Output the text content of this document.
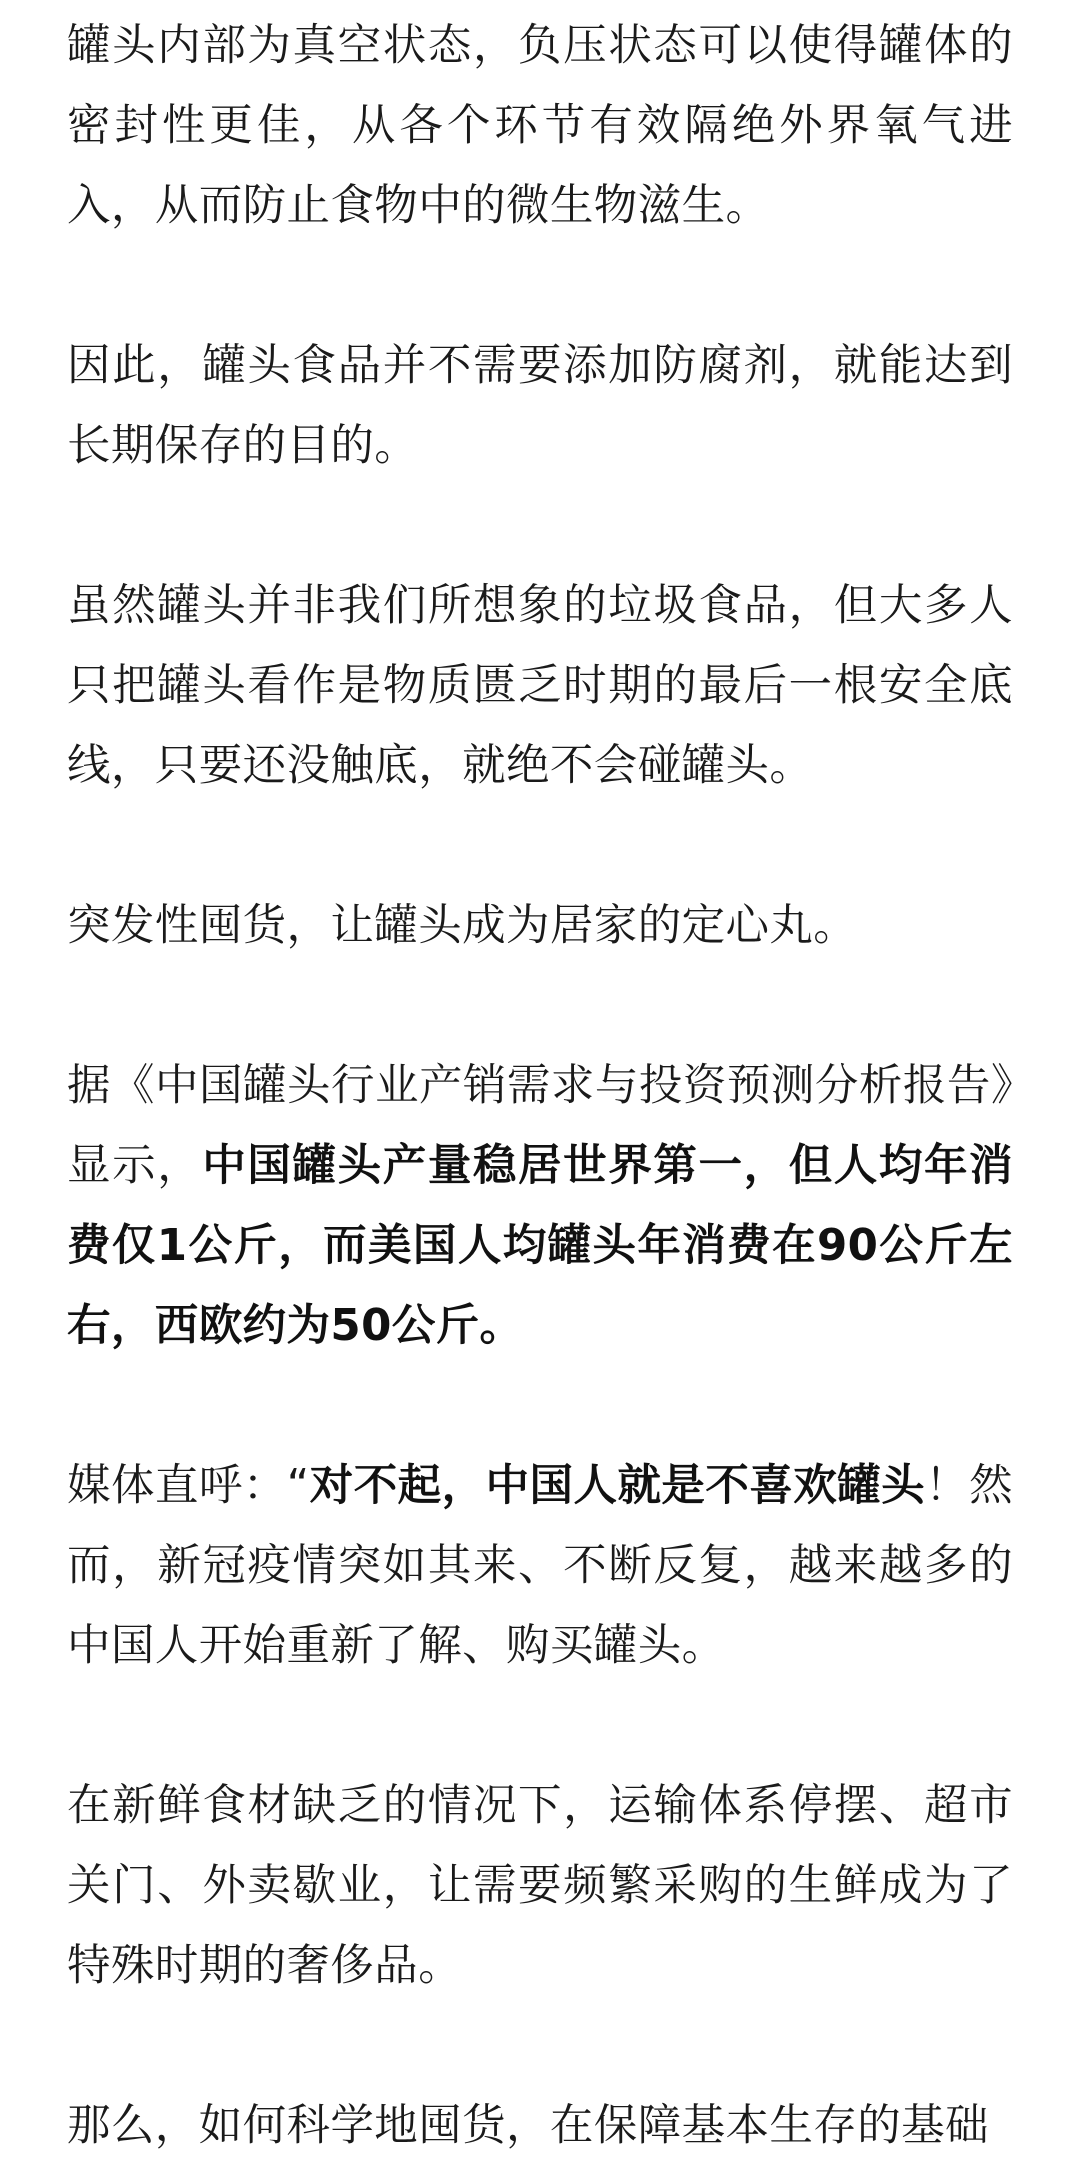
罐头内部为真空状态，负压状态可以使得罐体的密封性更佳，从各个环节有效隔绝外界氧气进入，从而防止食物中的微生物滋生。

因此，罐头食品并不需要添加防腐剂，就能达到长期保存的目的。

虽然罐头并非我们所想象的垃圾食品，但大多人只把罐头看作是物质匮乏时期的最后一根安全底线，只要还没触底，就绝不会碰罐头。

突发性囤货，让罐头成为居家的定心丸。

据《中国罐头行业产销需求与投资预测分析报告》显示，中国罐头产量稳居世界第一，但人均年消费仅1公斤，而美国人均罐头年消费在90公斤左右，西欧约为50公斤。

媒体直呼：“对不起，中国人就是不喜欢罐头！然而，新冠疫情突如其来、不断反复，越来越多的中国人开始重新了解、购买罐头。

在新鲜食材缺乏的情况下，运输体系停摆、超市关门、外卖歇业，让需要频繁采购的生鲜成为了特殊时期的奢侈品。

那么，如何科学地囤货，在保障基本生存的基础
